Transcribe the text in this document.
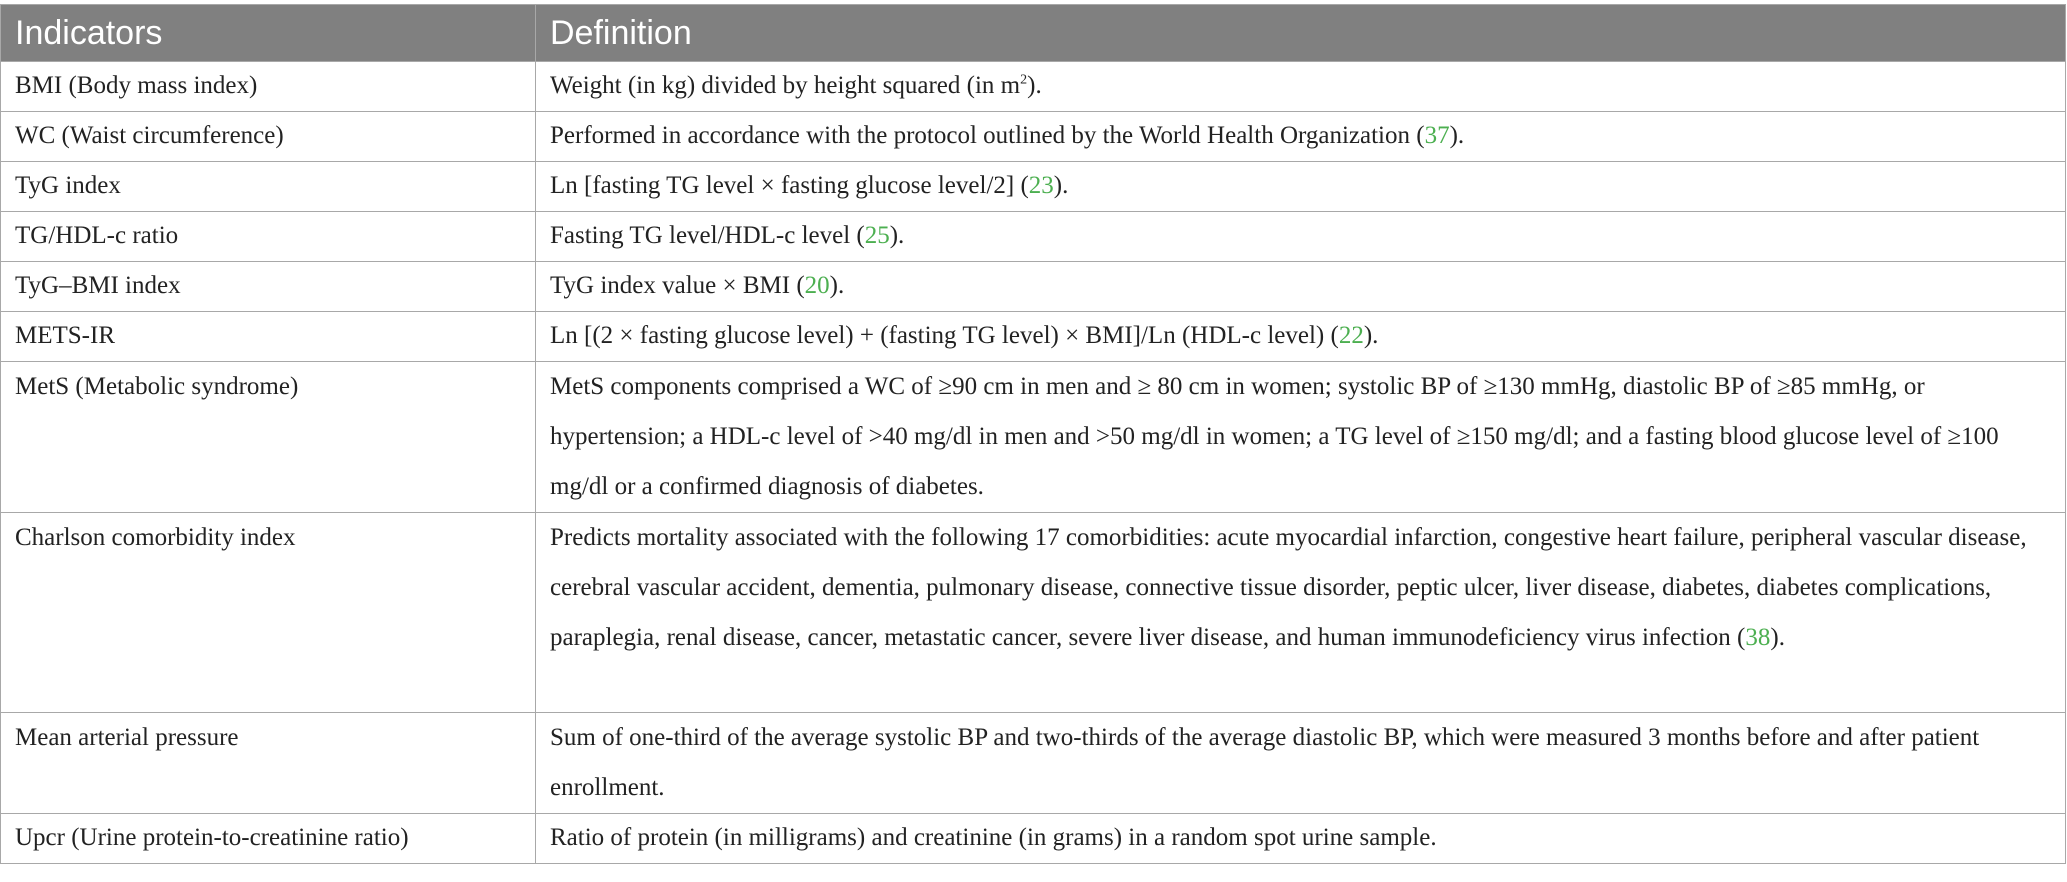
Indicators	Definition
BMI (Body mass index)	Weight (in kg) divided by height squared (in $m^2$).
WC (Waist circumference)	Performed in accordance with the protocol outlined by the World Health Organization (37).
TyG index	Ln [fasting TG level × fasting glucose level/2] (23).
TG/HDL-c ratio	Fasting TG level/HDL-c level (25).
TyG–BMI index	TyG index value × BMI (20).
METS-IR	Ln [(2 × fasting glucose level) + (fasting TG level) × BMI]/Ln (HDL-c level) (22).
MetS (Metabolic syndrome)	MetS components comprised a WC of ≥90 cm in men and ≥ 80 cm in women; systolic BP of ≥130 mmHg, diastolic BP of ≥85 mmHg, or hypertension; a HDL-c level of >40 mg/dl in men and >50 mg/dl in women; a TG level of ≥150 mg/dl; and a fasting blood glucose level of ≥100 mg/dl or a confirmed diagnosis of diabetes.
Charlson comorbidity index	Predicts mortality associated with the following 17 comorbidities: acute myocardial infarction, congestive heart failure, peripheral vascular disease, cerebral vascular accident, dementia, pulmonary disease, connective tissue disorder, peptic ulcer, liver disease, diabetes, diabetes complications, paraplegia, renal disease, cancer, metastatic cancer, severe liver disease, and human immunodeficiency virus infection (38).
Mean arterial pressure	Sum of one-third of the average systolic BP and two-thirds of the average diastolic BP, which were measured 3 months before and after patient enrollment.
Upcr (Urine protein-to-creatinine ratio)	Ratio of protein (in milligrams) and creatinine (in grams) in a random spot urine sample.
